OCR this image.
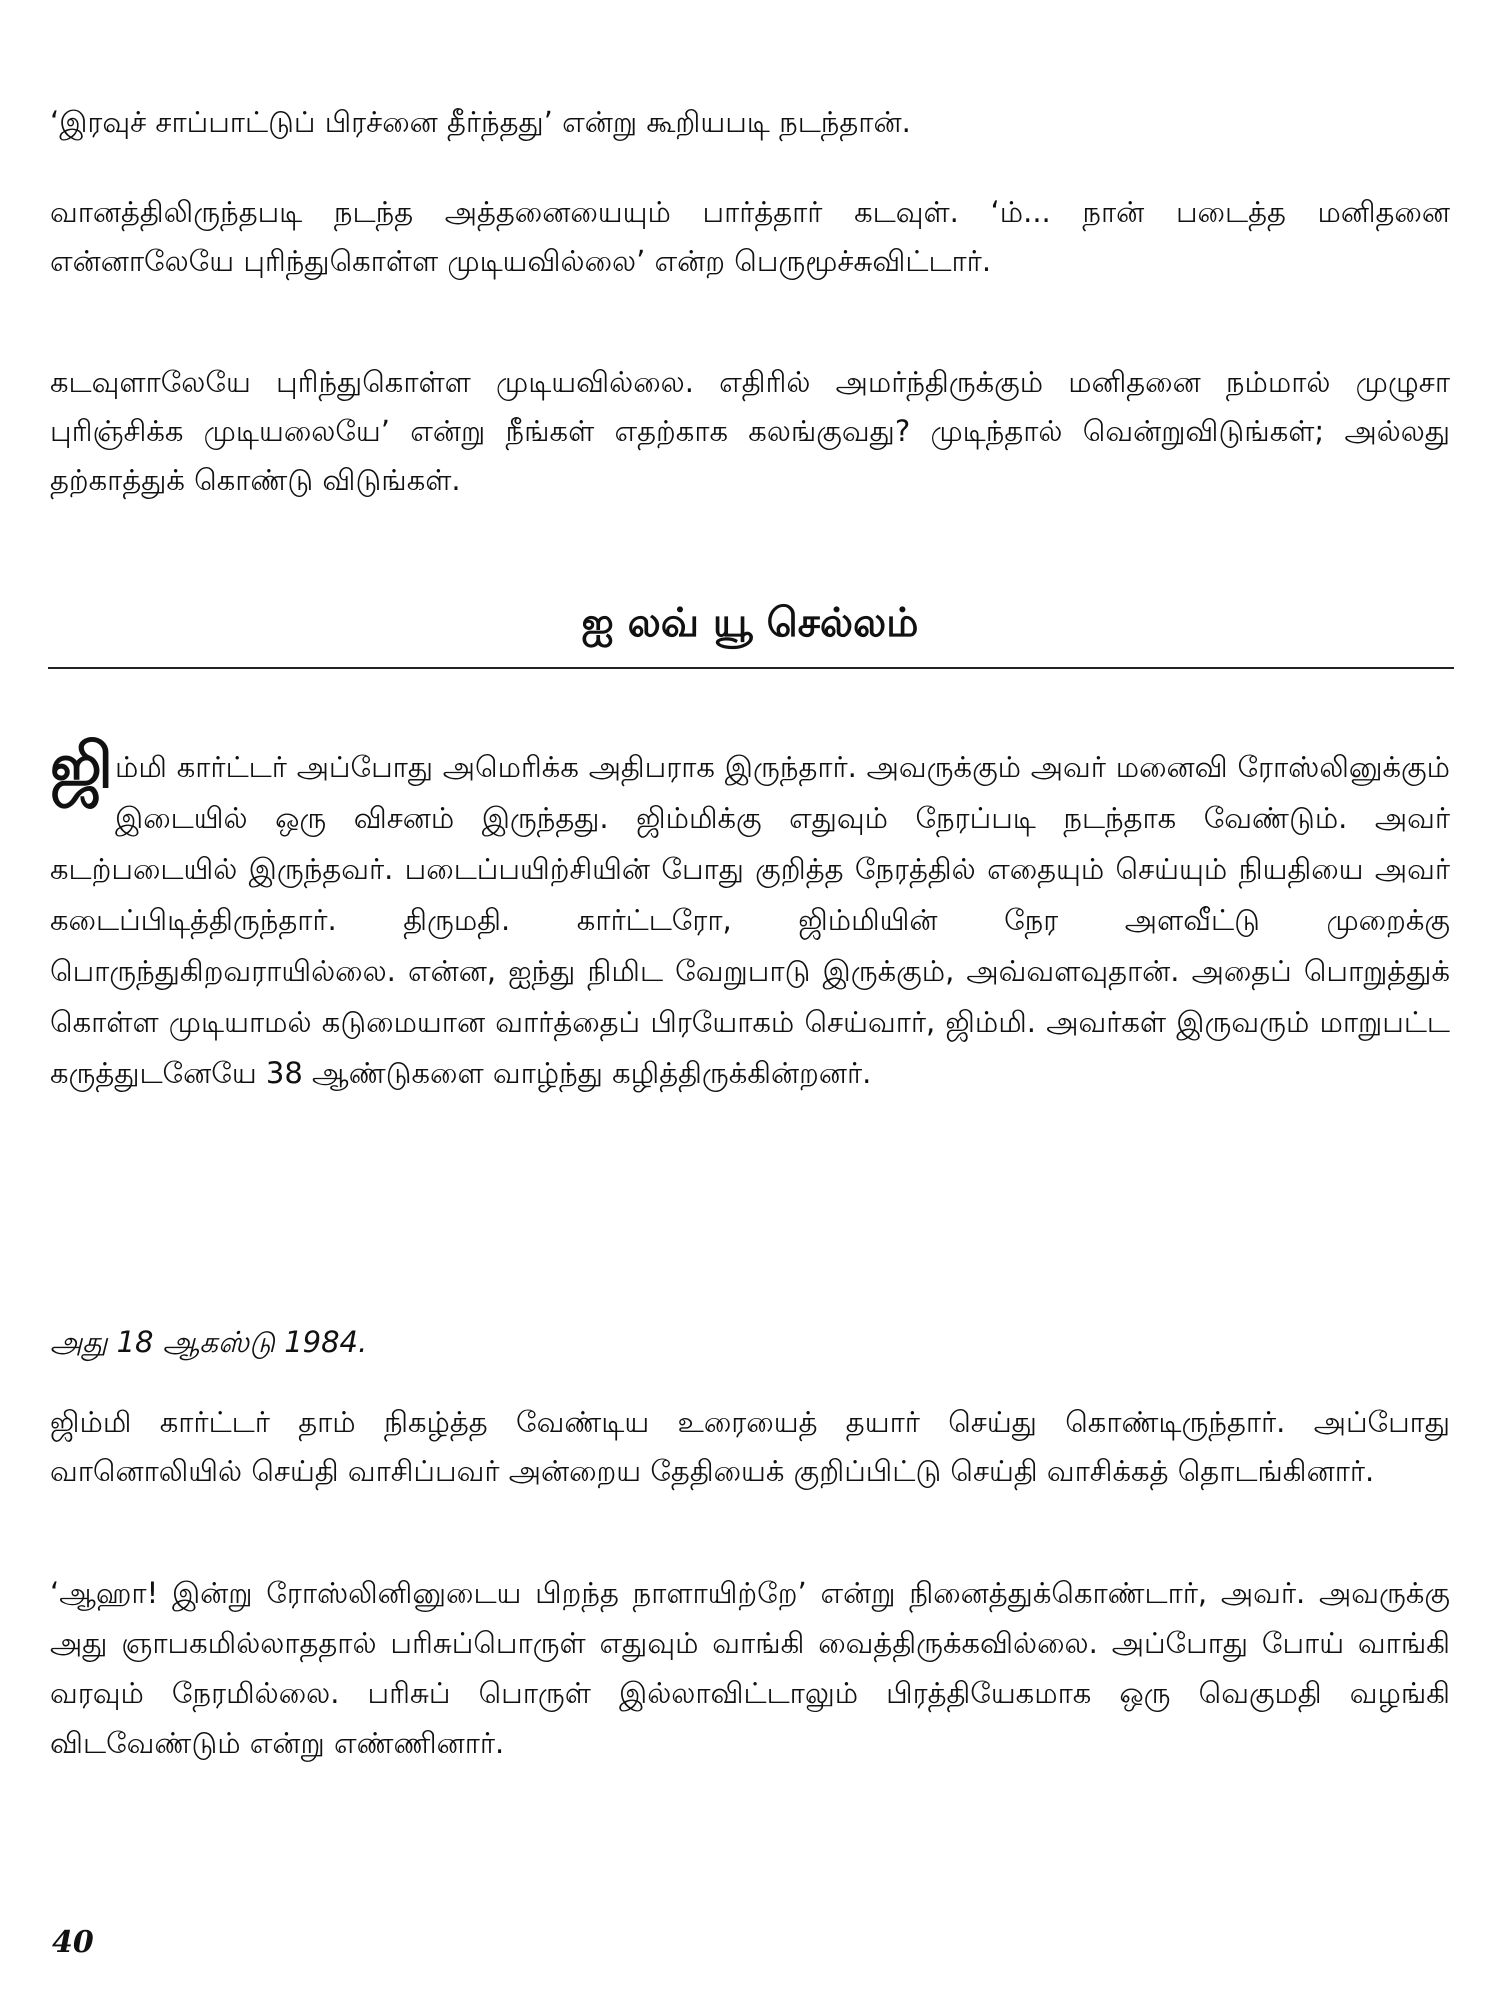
‘இரவுச் சாப்பாட்டுப் பிரச்னை தீர்ந்தது’ என்று கூறியபடி நடந்தான்.

வானத்திலிருந்தபடி நடந்த அத்தனையையும் பார்த்தார் கடவுள். ‘ம்... நான் படைத்த மனிதனை என்னாலேயே புரிந்துகொள்ள முடியவில்லை’ என்ற பெருமூச்சுவிட்டார்.

கடவுளாலேயே புரிந்துகொள்ள முடியவில்லை. எதிரில் அமர்ந்திருக்கும் மனிதனை நம்மால் முழுசா புரிஞ்சிக்க முடியலையே’ என்று நீங்கள் எதற்காக கலங்குவது? முடிந்தால் வென்றுவிடுங்கள்; அல்லது தற்காத்துக் கொண்டு விடுங்கள்.

ஐ லவ் யூ செல்லம்

ஜிம்மி கார்ட்டர் அப்போது அமெரிக்க அதிபராக இருந்தார். அவருக்கும் அவர் மனைவி ரோஸ்லினுக்கும் இடையில் ஒரு விசனம் இருந்தது. ஜிம்மிக்கு எதுவும் நேரப்படி நடந்தாக வேண்டும். அவர் கடற்படையில் இருந்தவர். படைப்பயிற்சியின் போது குறித்த நேரத்தில் எதையும் செய்யும் நியதியை அவர் கடைப்பிடித்திருந்தார். திருமதி. கார்ட்டரோ, ஜிம்மியின் நேர அளவீட்டு முறைக்கு பொருந்துகிறவராயில்லை. என்ன, ஐந்து நிமிட வேறுபாடு இருக்கும், அவ்வளவுதான். அதைப் பொறுத்துக் கொள்ள முடியாமல் கடுமையான வார்த்தைப் பிரயோகம் செய்வார், ஜிம்மி. அவர்கள் இருவரும் மாறுபட்ட கருத்துடனேயே 38 ஆண்டுகளை வாழ்ந்து கழித்திருக்கின்றனர்.

அது 18 ஆகஸ்டு 1984.

ஜிம்மி கார்ட்டர் தாம் நிகழ்த்த வேண்டிய உரையைத் தயார் செய்து கொண்டிருந்தார். அப்போது வானொலியில் செய்தி வாசிப்பவர் அன்றைய தேதியைக் குறிப்பிட்டு செய்தி வாசிக்கத் தொடங்கினார்.

‘ஆஹா! இன்று ரோஸ்லினினுடைய பிறந்த நாளாயிற்றே’ என்று நினைத்துக்கொண்டார், அவர். அவருக்கு அது ஞாபகமில்லாததால் பரிசுப்பொருள் எதுவும் வாங்கி வைத்திருக்கவில்லை. அப்போது போய் வாங்கி வரவும் நேரமில்லை. பரிசுப் பொருள் இல்லாவிட்டாலும் பிரத்தியேகமாக ஒரு வெகுமதி வழங்கி விடவேண்டும் என்று எண்ணினார்.

40
